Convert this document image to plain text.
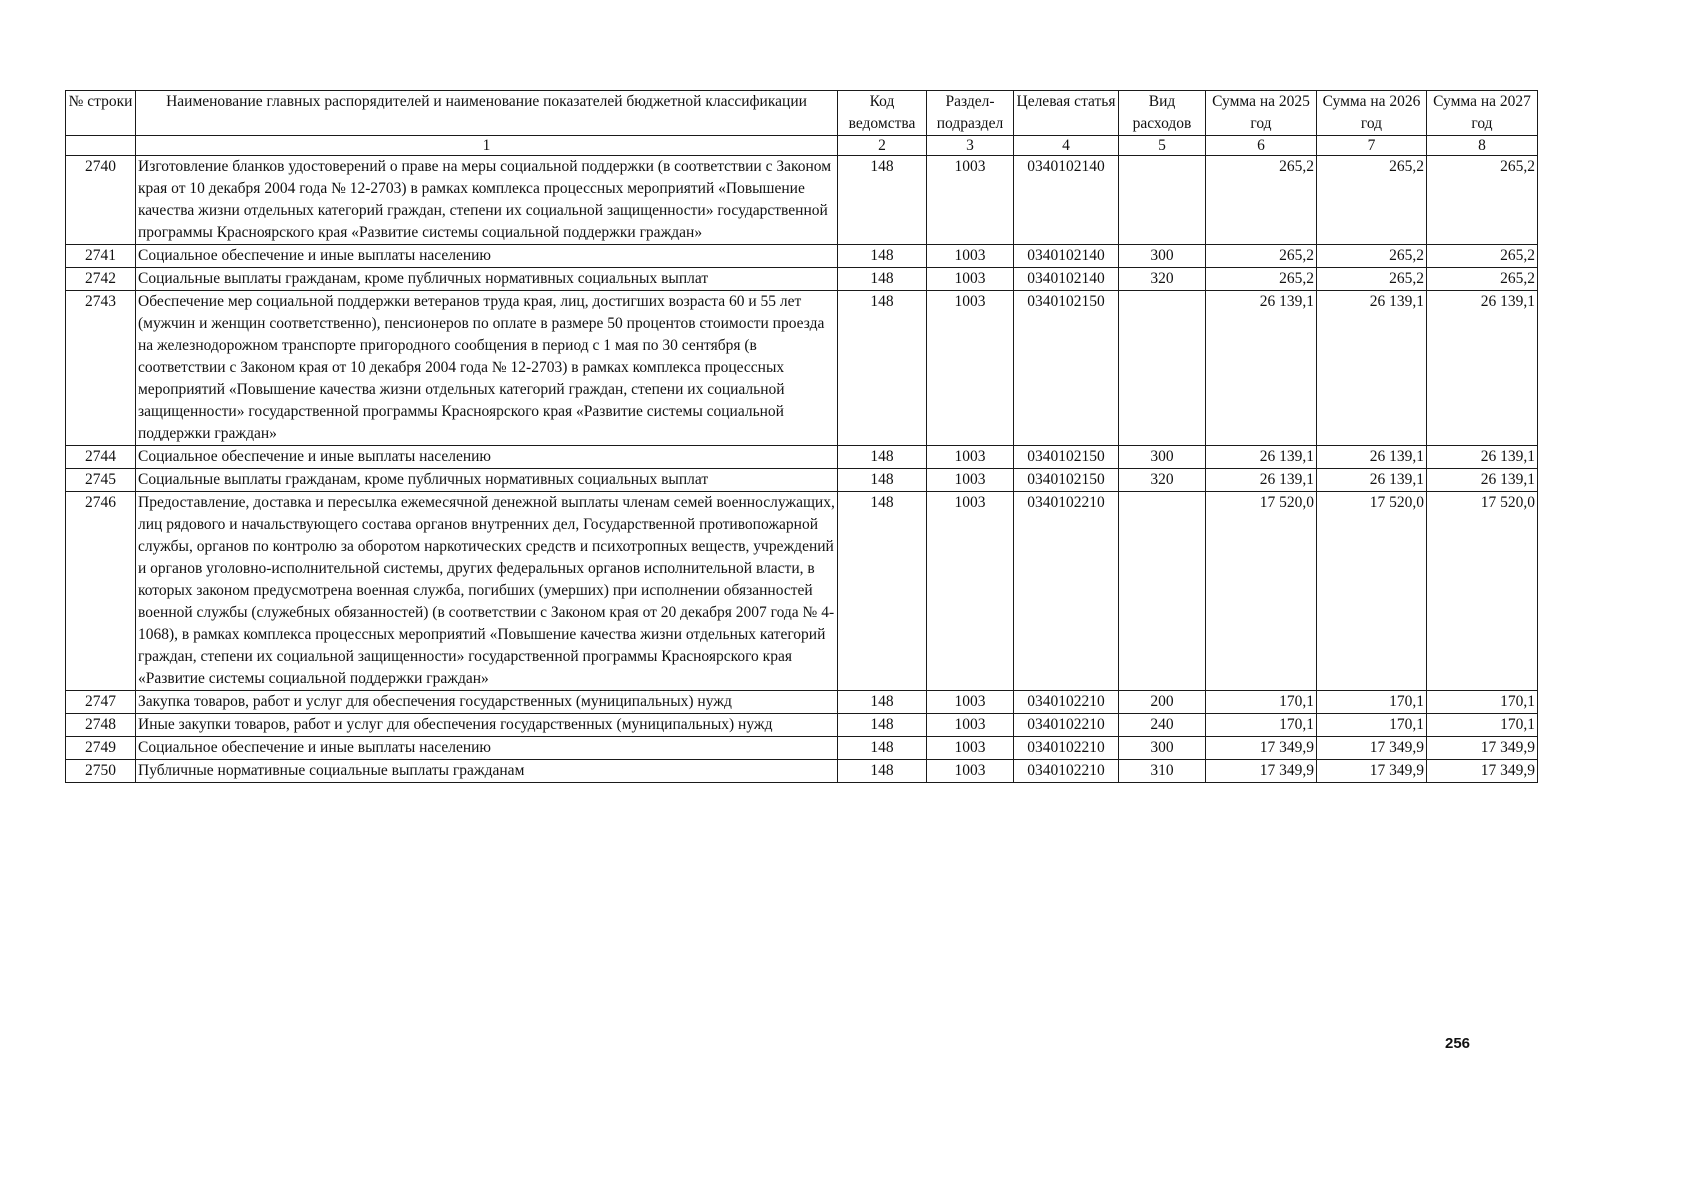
№ строки	Наименование главных распорядителей и наименование показателей бюджетной классификации	Код ведомства	Раздел-подраздел	Целевая статья	Вид расходов	Сумма на 2025 год	Сумма на 2026 год	Сумма на 2027 год
	1	2	3	4	5	6	7	8
2740	Изготовление бланков удостоверений о праве на меры социальной поддержки (в соответствии с Законом края от 10 декабря 2004 года № 12-2703) в рамках комплекса процессных мероприятий «Повышение качества жизни отдельных категорий граждан, степени их социальной защищенности» государственной программы Красноярского края «Развитие системы социальной поддержки граждан»	148	1003	0340102140		265,2	265,2	265,2
2741	Социальное обеспечение и иные выплаты населению	148	1003	0340102140	300	265,2	265,2	265,2
2742	Социальные выплаты гражданам, кроме публичных нормативных социальных выплат	148	1003	0340102140	320	265,2	265,2	265,2
2743	Обеспечение мер социальной поддержки ветеранов труда края, лиц, достигших возраста 60 и 55 лет (мужчин и женщин соответственно), пенсионеров по оплате в размере 50 процентов стоимости проезда на железнодорожном транспорте пригородного сообщения в период с 1 мая по 30 сентября (в соответствии с Законом края от 10 декабря 2004 года № 12-2703) в рамках комплекса процессных мероприятий «Повышение качества жизни отдельных категорий граждан, степени их социальной защищенности» государственной программы Красноярского края «Развитие системы социальной поддержки граждан»	148	1003	0340102150		26 139,1	26 139,1	26 139,1
2744	Социальное обеспечение и иные выплаты населению	148	1003	0340102150	300	26 139,1	26 139,1	26 139,1
2745	Социальные выплаты гражданам, кроме публичных нормативных социальных выплат	148	1003	0340102150	320	26 139,1	26 139,1	26 139,1
2746	Предоставление, доставка и пересылка ежемесячной денежной выплаты членам семей военнослужащих, лиц рядового и начальствующего состава органов внутренних дел, Государственной противопожарной службы, органов по контролю за оборотом наркотических средств и психотропных веществ, учреждений и органов уголовно-исполнительной системы, других федеральных органов исполнительной власти, в которых законом предусмотрена военная служба, погибших (умерших) при исполнении обязанностей военной службы (служебных обязанностей) (в соответствии с Законом края от 20 декабря 2007 года № 4-1068), в рамках комплекса процессных мероприятий «Повышение качества жизни отдельных категорий граждан, степени их социальной защищенности» государственной программы Красноярского края «Развитие системы социальной поддержки граждан»	148	1003	0340102210		17 520,0	17 520,0	17 520,0
2747	Закупка товаров, работ и услуг для обеспечения государственных (муниципальных) нужд	148	1003	0340102210	200	170,1	170,1	170,1
2748	Иные закупки товаров, работ и услуг для обеспечения государственных (муниципальных) нужд	148	1003	0340102210	240	170,1	170,1	170,1
2749	Социальное обеспечение и иные выплаты населению	148	1003	0340102210	300	17 349,9	17 349,9	17 349,9
2750	Публичные нормативные социальные выплаты гражданам	148	1003	0340102210	310	17 349,9	17 349,9	17 349,9
256
